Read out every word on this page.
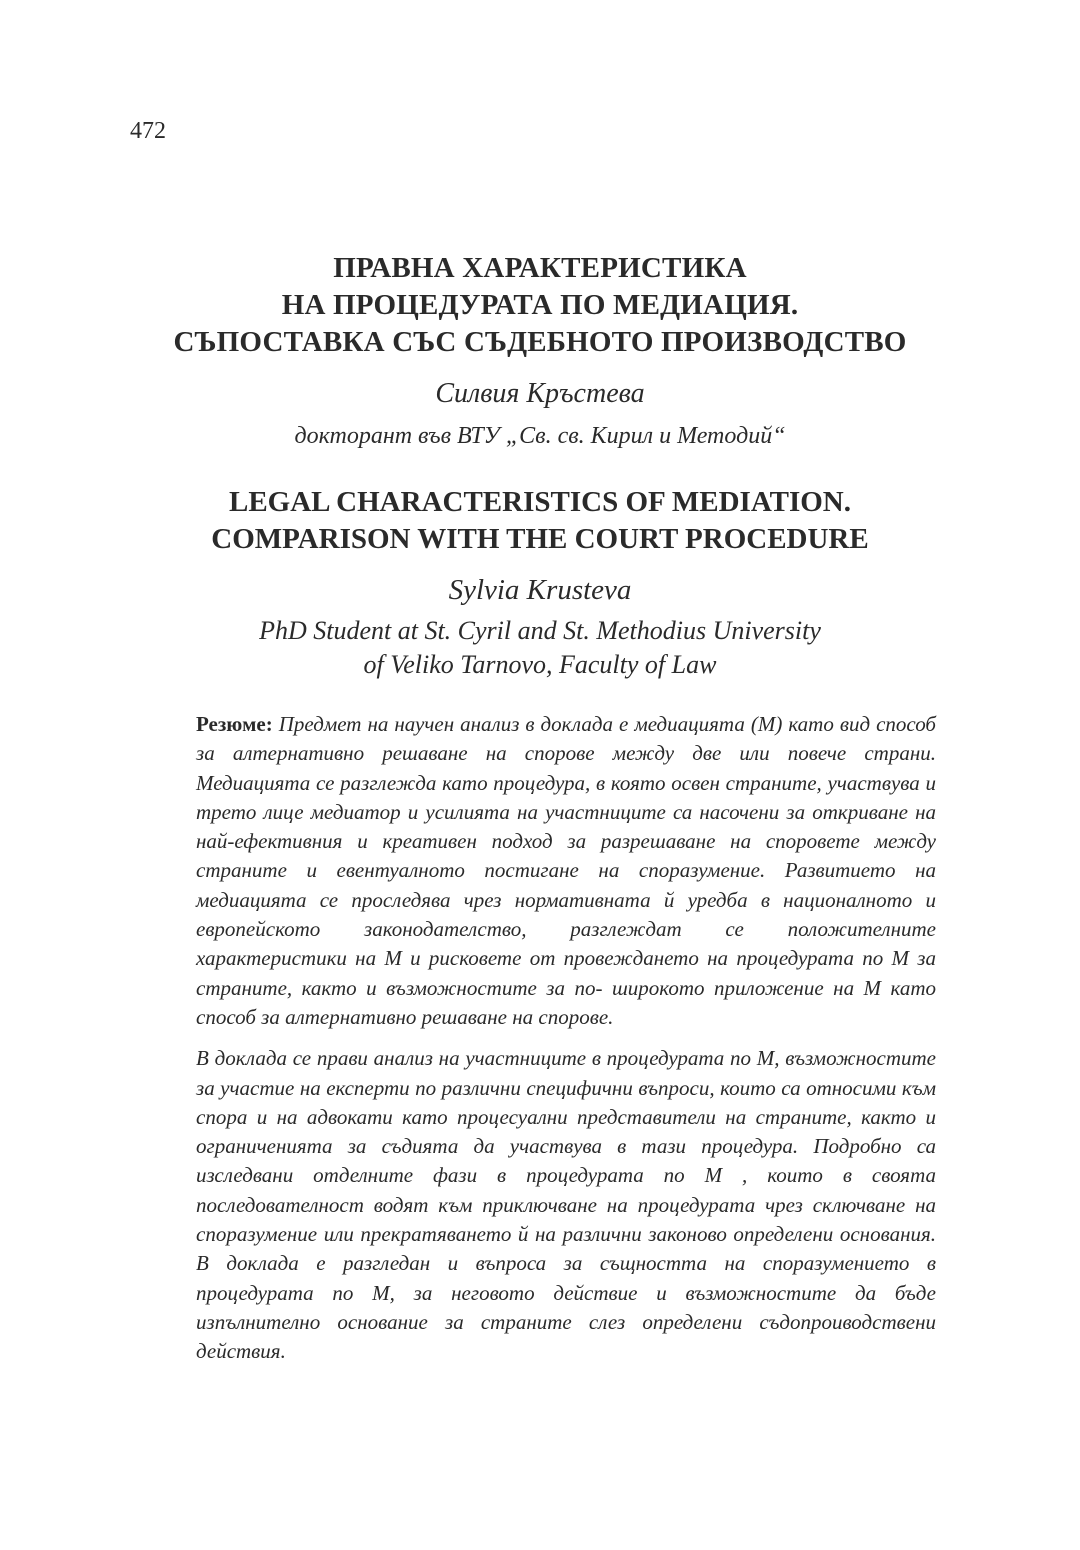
472
ПРАВНА ХАРАКТЕРИСТИКА
НА ПРОЦЕДУРАТА ПО МЕДИАЦИЯ.
СЪПОСТАВКА СЪС СЪДЕБНОТО ПРОИЗВОДСТВО
Силвия Кръстева
докторант във ВТУ „Св. св. Кирил и Методий“
LEGAL CHARACTERISTICS OF MEDIATION.
COMPARISON WITH THE COURT PROCEDURE
Sylvia Krusteva
PhD Student at St. Cyril and St. Methodius University
of Veliko Tarnovo, Faculty of Law

Резюме: Предмет на научен анализ в доклада е медиацията (М) като вид способ за алтернативно решаване на спорове между две или повече страни. Медиацията се разглежда като процедура, в която освен страните, участвува и трето лице медиатор и усилията на участниците са насочени за откриване на най-ефективния и креативен подход за разрешаване на споровете между страните и евентуалното постигане на споразумение. Развитието на медиацията се проследява чрез нормативната й уредба в националното и европейското законодателство, разглеждат се положителните характеристики на М и рисковете от провеждането на процедурата по М за страните, както и възможностите за по- широкото приложение на М като способ за алтернативно решаване на спорове.

В доклада се прави анализ на участниците в процедурата по М, възможностите за участие на експерти по различни специфични въпроси, които са относими към спора и на адвокати като процесуални представители на страните, както и ограниченията за съдията да участвува в тази процедура. Подробно са изследвани отделните фази в процедурата по М , които в своята последователност водят към приключване на процедурата чрез сключване на споразумение или прекратяването й на различни законово определени основания. В доклада е разгледан и въпроса за същността на споразумението в процедурата по М, за неговото действие и възможностите да бъде изпълнително основание за страните слез определени съдопроиводствени действия.
